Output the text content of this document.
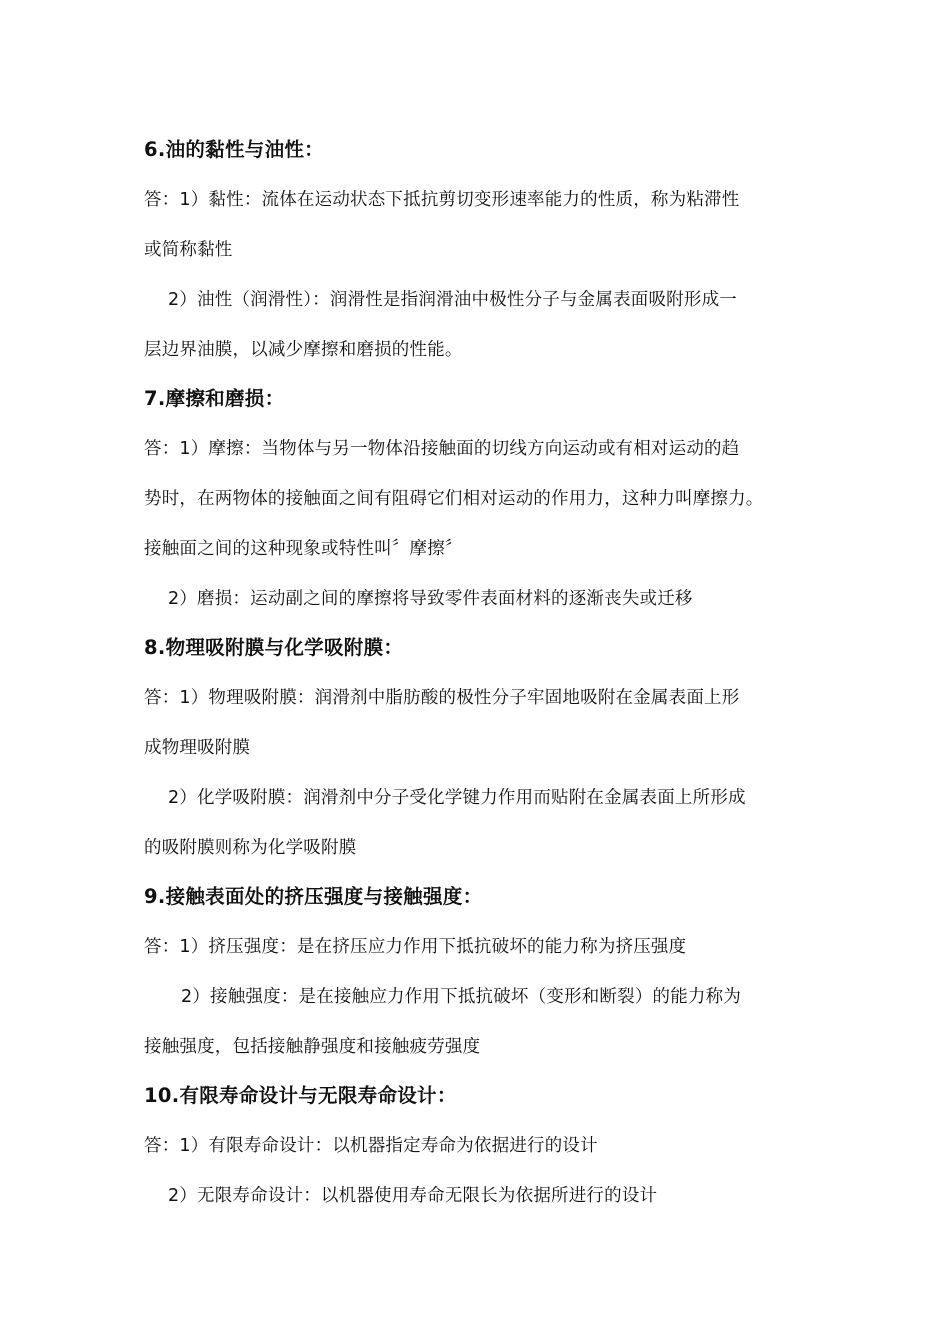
6.油的黏性与油性：
答：1）黏性：流体在运动状态下抵抗剪切变形速率能力的性质，称为粘滞性
或简称黏性
2）油性（润滑性）：润滑性是指润滑油中极性分子与金属表面吸附形成一
层边界油膜，以减少摩擦和磨损的性能。
7.摩擦和磨损：
答：1）摩擦：当物体与另一物体沿接触面的切线方向运动或有相对运动的趋
势时，在两物体的接触面之间有阻碍它们相对运动的作用力，这种力叫摩擦力。
接触面之间的这种现象或特性叫〞摩擦〞
2）磨损：运动副之间的摩擦将导致零件表面材料的逐渐丧失或迁移
8.物理吸附膜与化学吸附膜：
答：1）物理吸附膜：润滑剂中脂肪酸的极性分子牢固地吸附在金属表面上形
成物理吸附膜
2）化学吸附膜：润滑剂中分子受化学键力作用而贴附在金属表面上所形成
的吸附膜则称为化学吸附膜
9.接触表面处的挤压强度与接触强度：
答：1）挤压强度：是在挤压应力作用下抵抗破坏的能力称为挤压强度
2）接触强度：是在接触应力作用下抵抗破坏（变形和断裂）的能力称为
接触强度，包括接触静强度和接触疲劳强度
10.有限寿命设计与无限寿命设计：
答：1）有限寿命设计：以机器指定寿命为依据进行的设计
2）无限寿命设计：以机器使用寿命无限长为依据所进行的设计
